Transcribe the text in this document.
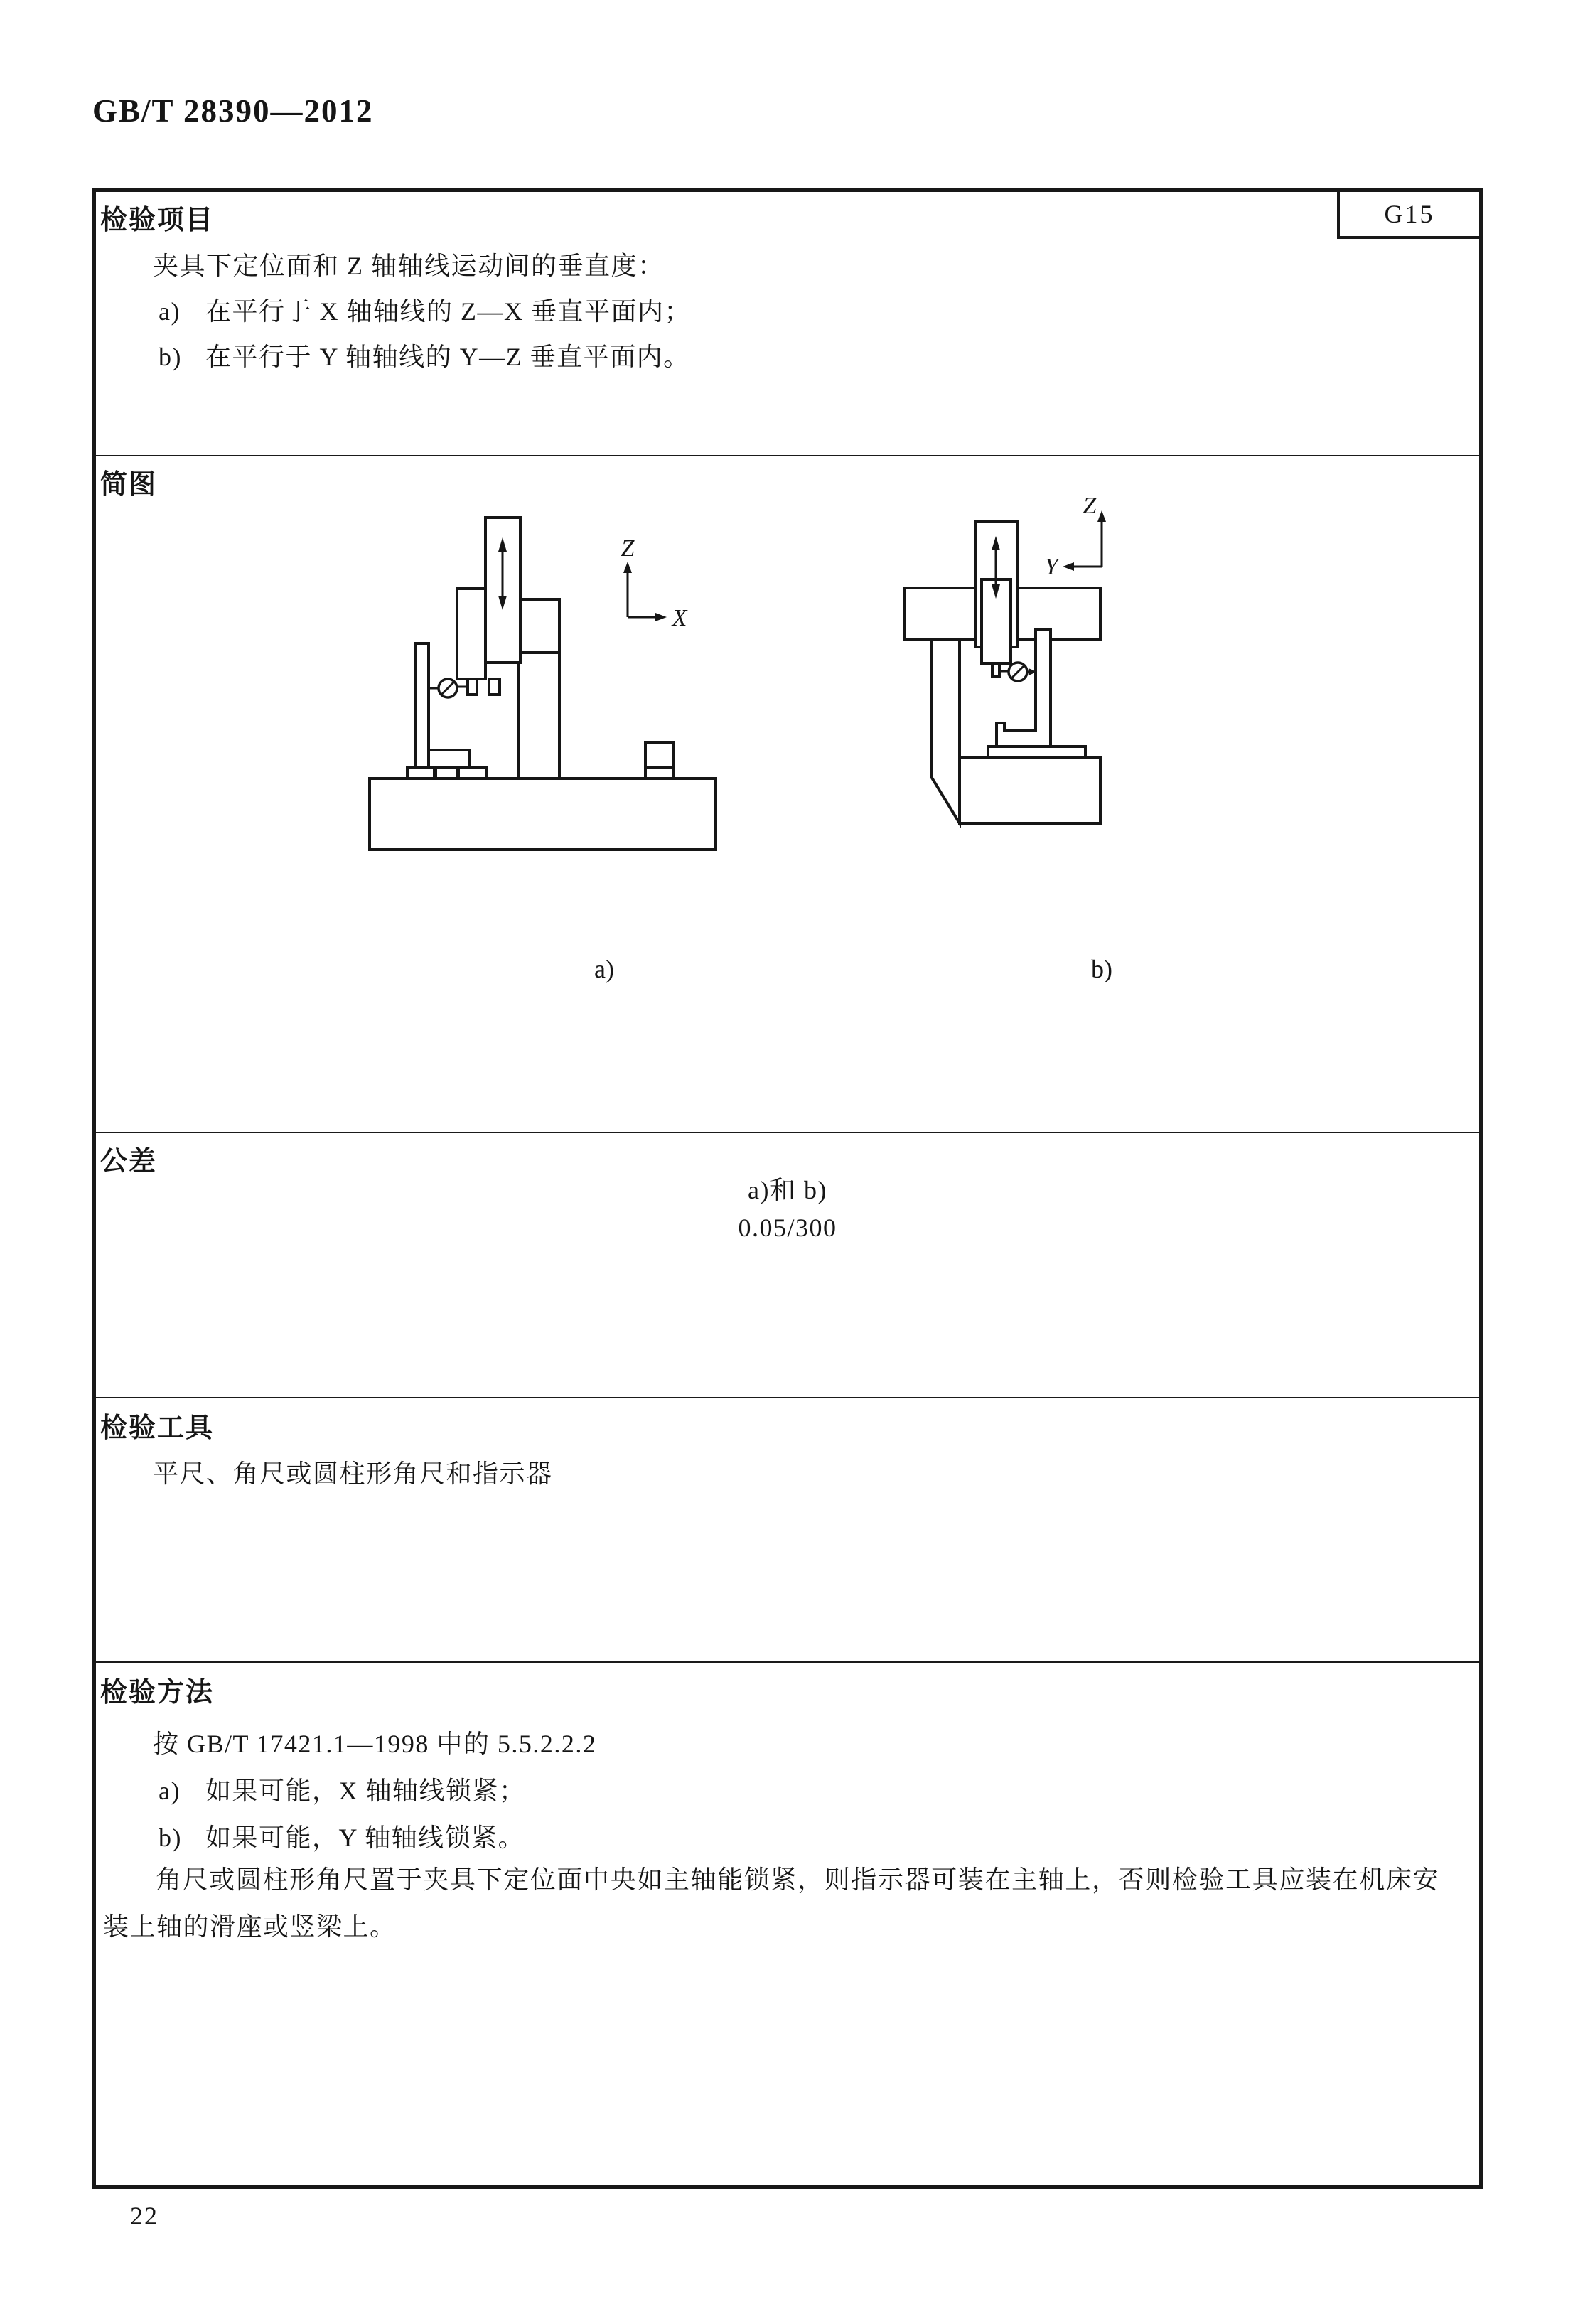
GB/T 28390—2012
G15
检验项目
夹具下定位面和 Z 轴轴线运动间的垂直度：
a) 在平行于 X 轴轴线的 Z—X 垂直平面内；
b) 在平行于 Y 轴轴线的 Y—Z 垂直平面内。
简图
Z
X
Z
Y
a)	b)
公差
a)和 b)
0.05/300
检验工具
平尺、角尺或圆柱形角尺和指示器
检验方法
按 GB/T 17421.1—1998 中的 5.5.2.2.2
a) 如果可能，X 轴轴线锁紧；
b) 如果可能，Y 轴轴线锁紧。
角尺或圆柱形角尺置于夹具下定位面中央如主轴能锁紧，则指示器可装在主轴上，否则检验工具应装在机床安装上轴的滑座或竖梁上。
22
